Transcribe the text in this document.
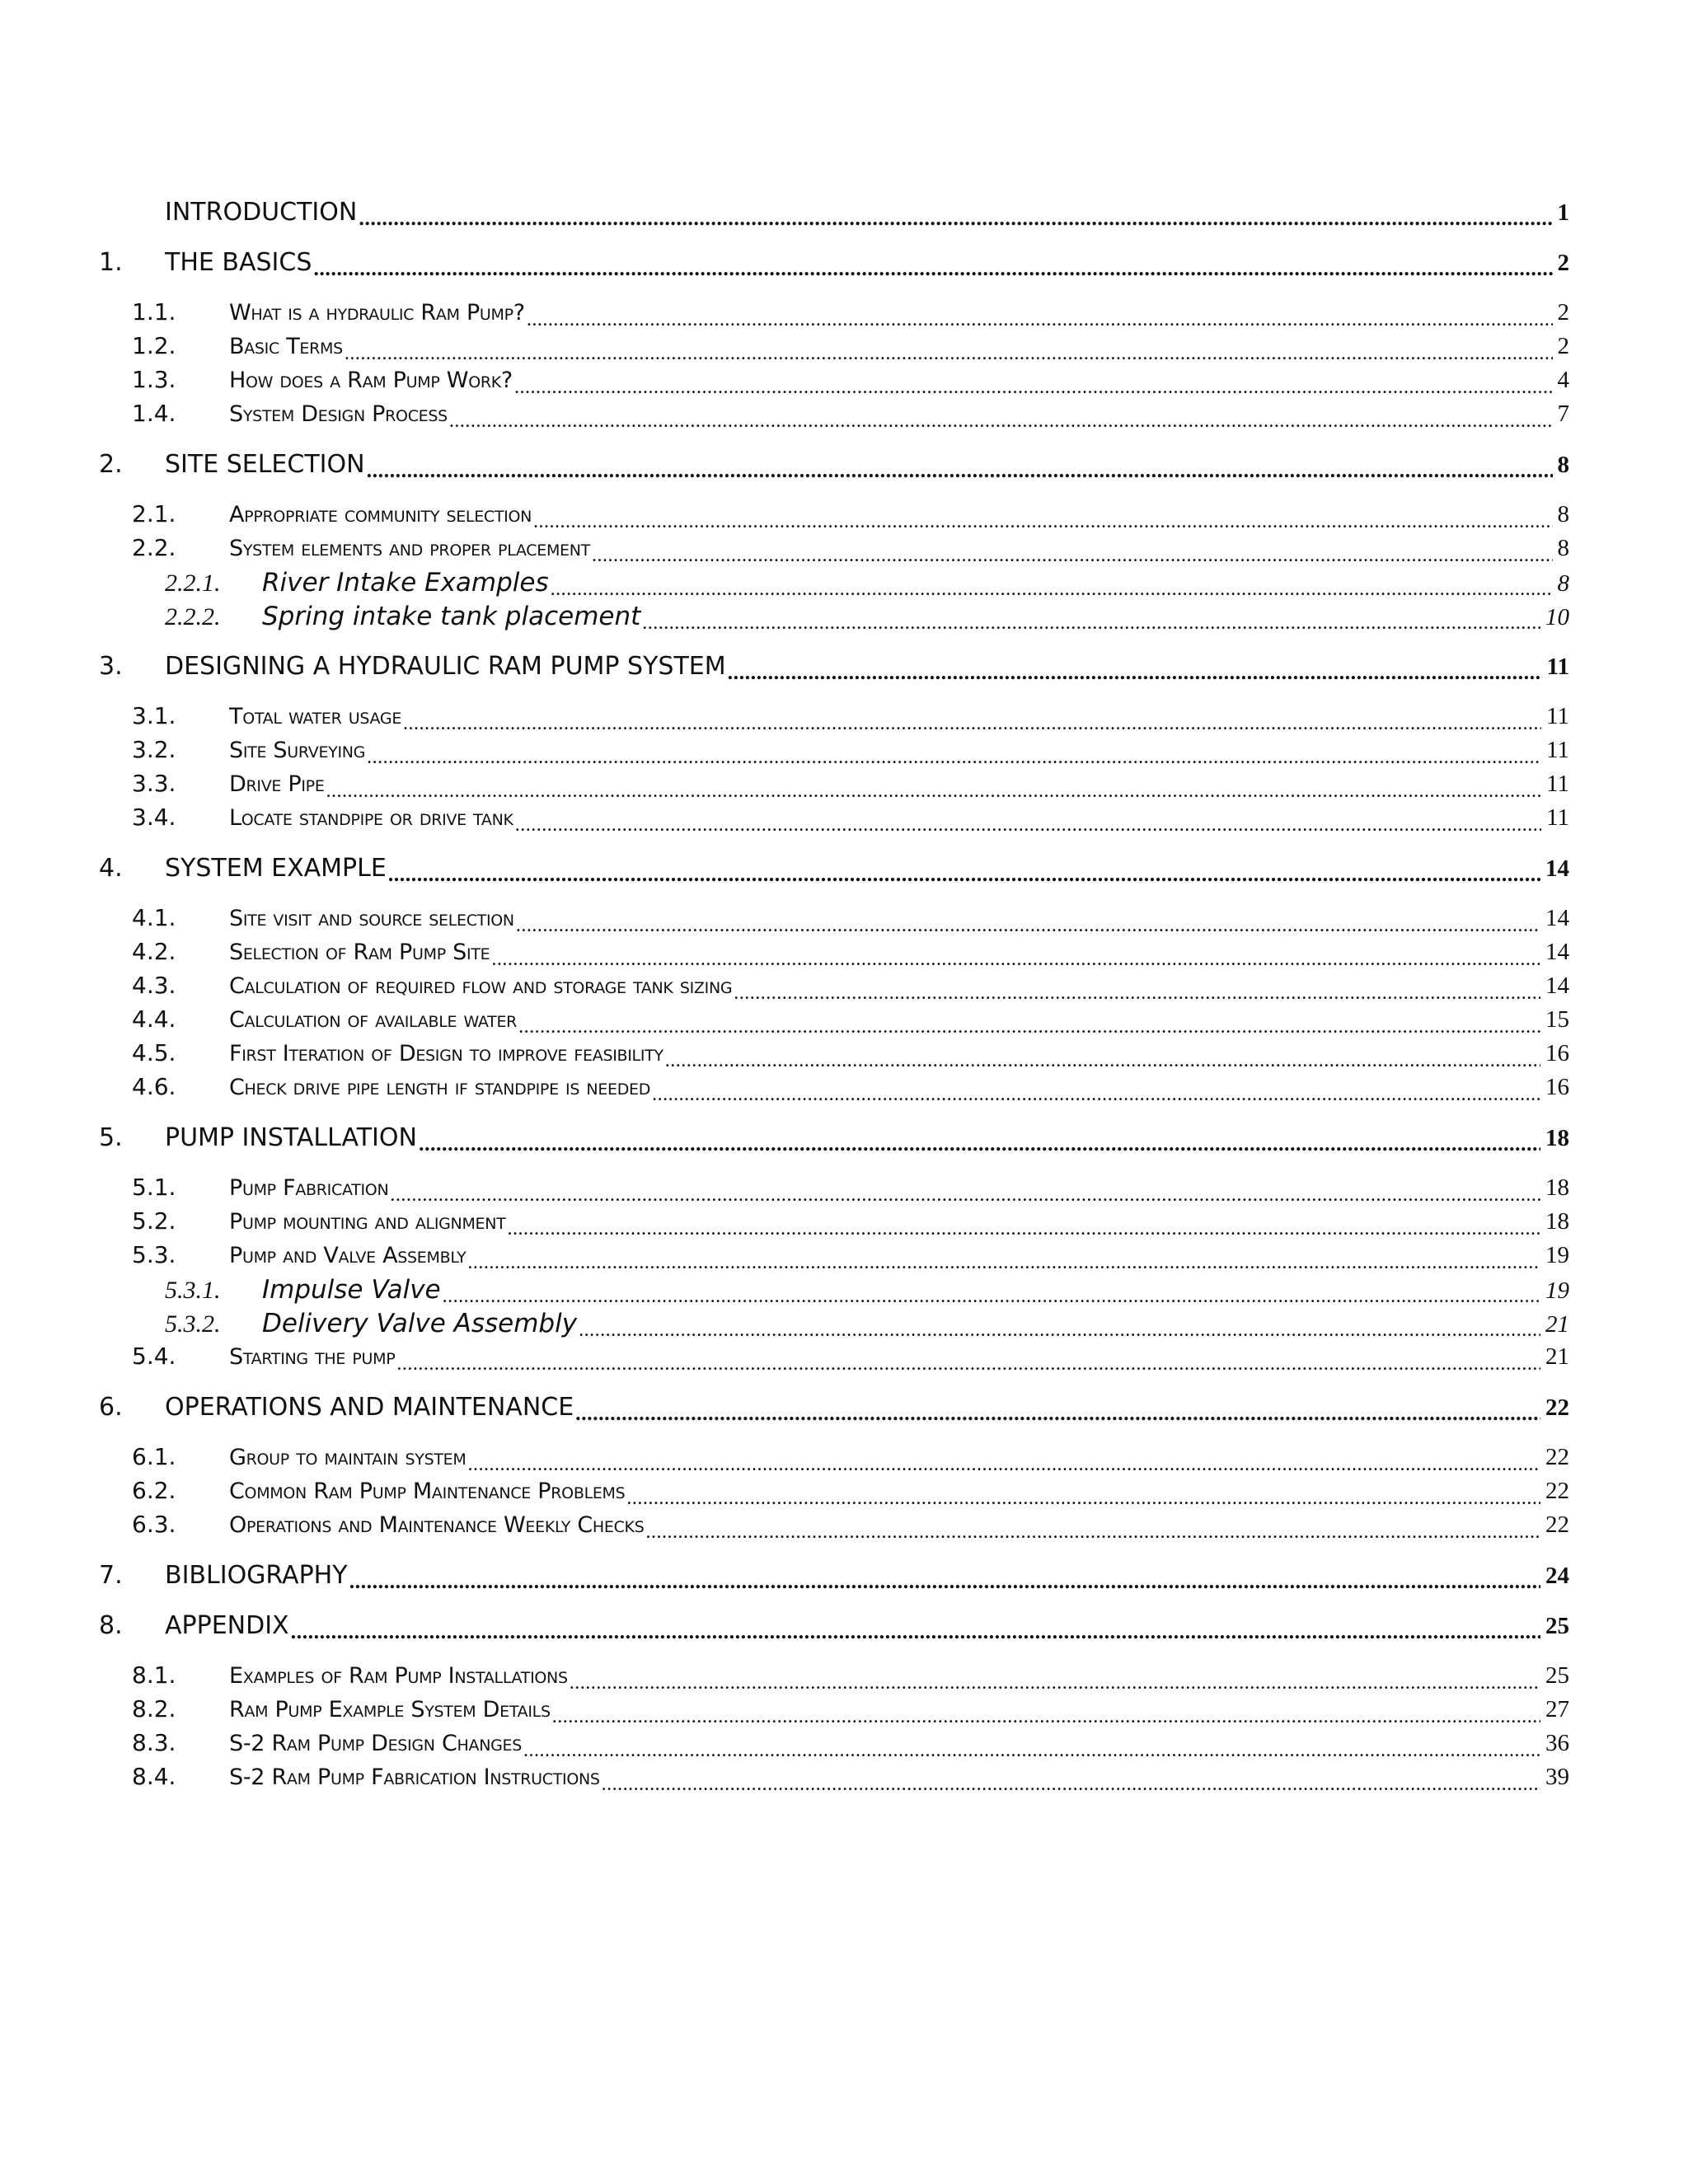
INTRODUCTION .....	1
1.	THE BASICS .....	2
1.1.	What is a hydraulic Ram Pump? .....	2
1.2.	Basic Terms .....	2
1.3.	How does a Ram Pump Work? .....	4
1.4.	System Design Process .....	7
2.	SITE SELECTION .....	8
2.1.	Appropriate community selection .....	8
2.2.	System elements and proper placement .....	8
2.2.1.	River Intake Examples .....	8
2.2.2.	Spring intake tank placement .....	10
3.	DESIGNING A HYDRAULIC RAM PUMP SYSTEM .....	11
3.1.	Total water usage .....	11
3.2.	Site Surveying .....	11
3.3.	Drive Pipe .....	11
3.4.	Locate standpipe or drive tank .....	11
4.	SYSTEM EXAMPLE .....	14
4.1.	Site visit and source selection .....	14
4.2.	Selection of Ram Pump Site .....	14
4.3.	Calculation of required flow and storage tank sizing .....	14
4.4.	Calculation of available water .....	15
4.5.	First Iteration of Design to improve feasibility .....	16
4.6.	Check drive pipe length if standpipe is needed .....	16
5.	PUMP INSTALLATION .....	18
5.1.	Pump Fabrication .....	18
5.2.	Pump mounting and alignment .....	18
5.3.	Pump and Valve Assembly .....	19
5.3.1.	Impulse Valve .....	19
5.3.2.	Delivery Valve Assembly .....	21
5.4.	Starting the pump .....	21
6.	OPERATIONS AND MAINTENANCE .....	22
6.1.	Group to maintain system .....	22
6.2.	Common Ram Pump Maintenance Problems .....	22
6.3.	Operations and Maintenance Weekly Checks .....	22
7.	BIBLIOGRAPHY .....	24
8.	APPENDIX .....	25
8.1.	Examples of Ram Pump Installations .....	25
8.2.	Ram Pump Example System Details .....	27
8.3.	S-2 Ram Pump Design Changes .....	36
8.4.	S-2 Ram Pump Fabrication Instructions .....	39
